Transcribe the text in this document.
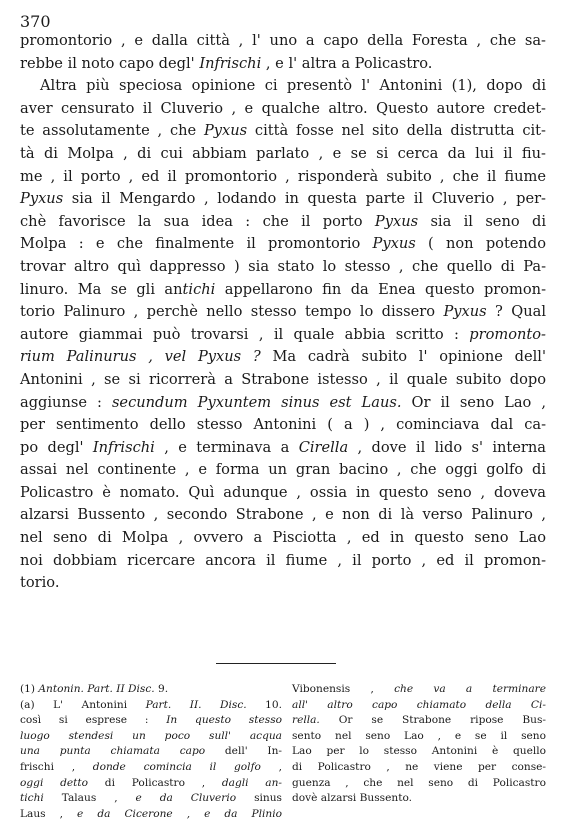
370
promontorio , e dalla città , l' uno a capo della Foresta , che sa-
rebbe il noto capo degl' Infrischi , e l' altra a Policastro.
Altra più speciosa opinione ci presentò l' Antonini (1), dopo di
aver censurato il Cluverio , e qualche altro. Questo autore credet-
te assolutamente , che Pyxus città fosse nel sito della distrutta cit-
tà di Molpa , di cui abbiam parlato , e se si cerca da lui il fiu-
me , il porto , ed il promontorio , risponderà subito , che il fiume
Pyxus sia il Mengardo , lodando in questa parte il Cluverio , per-
chè favorisce la sua idea : che il porto Pyxus sia il seno di
Molpa : e che finalmente il promontorio Pyxus ( non potendo
trovar altro quì dappresso ) sia stato lo stesso , che quello di Pa-
linuro. Ma se gli antichi appellarono fin da Enea questo promon-
torio Palinuro , perchè nello stesso tempo lo dissero Pyxus ? Qual
autore giammai può trovarsi , il quale abbia scritto : promonto-
rium Palinurus , vel Pyxus ? Ma cadrà subito l' opinione dell'
Antonini , se si ricorrerà a Strabone istesso , il quale subito dopo
aggiunse : secundum Pyxuntem sinus est Laus. Or il seno Lao ,
per sentimento dello stesso Antonini ( a ) , cominciava dal ca-
po degl' Infrischi , e terminava a Cirella , dove il lido s' interna
assai nel continente , e forma un gran bacino , che oggi golfo di
Policastro è nomato. Quì adunque , ossia in questo seno , doveva
alzarsi Bussento , secondo Strabone , e non di là verso Palinuro ,
nel seno di Molpa , ovvero a Pisciotta , ed in questo seno Lao
noi dobbiam ricercare ancora il fiume , il porto , ed il promon-
torio.
(1) Antonin. Part. II Disc. 9.
(a) L' Antonini Part. II. Disc. 10.
così si esprese : In questo stesso
luogo stendesi un poco sull' acqua
una punta chiamata capo dell' In-
frischi , donde comincia il golfo ,
oggi detto di Policastro , dagli an-
tichi Talaus , e da Cluverio sinus
Laus , e da Cicerone , e da Plinio
Vibonensis , che va a terminare
all' altro capo chiamato della Ci-
rella. Or se Strabone ripose Bus-
sento nel seno Lao , e se il seno
Lao per lo stesso Antonini è quello
di Policastro , ne viene per conse-
guenza , che nel seno di Policastro
dovè alzarsi Bussento.
